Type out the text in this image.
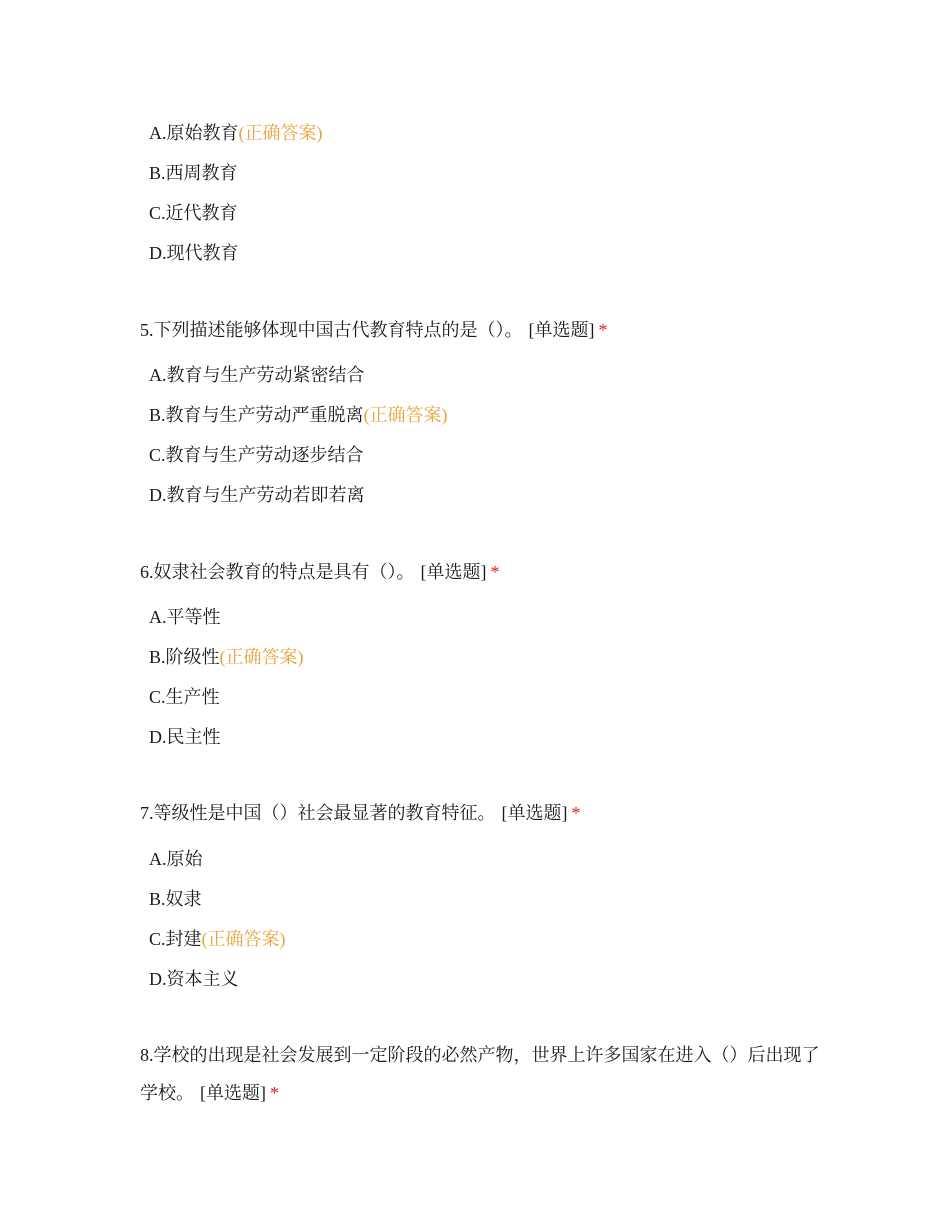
A.原始教育(正确答案)
B.西周教育
C.近代教育
D.现代教育
5.下列描述能够体现中国古代教育特点的是（）。 [单选题] *
A.教育与生产劳动紧密结合
B.教育与生产劳动严重脱离(正确答案)
C.教育与生产劳动逐步结合
D.教育与生产劳动若即若离
6.奴隶社会教育的特点是具有（）。 [单选题] *
A.平等性
B.阶级性(正确答案)
C.生产性
D.民主性
7.等级性是中国（）社会最显著的教育特征。 [单选题] *
A.原始
B.奴隶
C.封建(正确答案)
D.资本主义
8.学校的出现是社会发展到一定阶段的必然产物，世界上许多国家在进入（）后出现了学校。 [单选题] *
